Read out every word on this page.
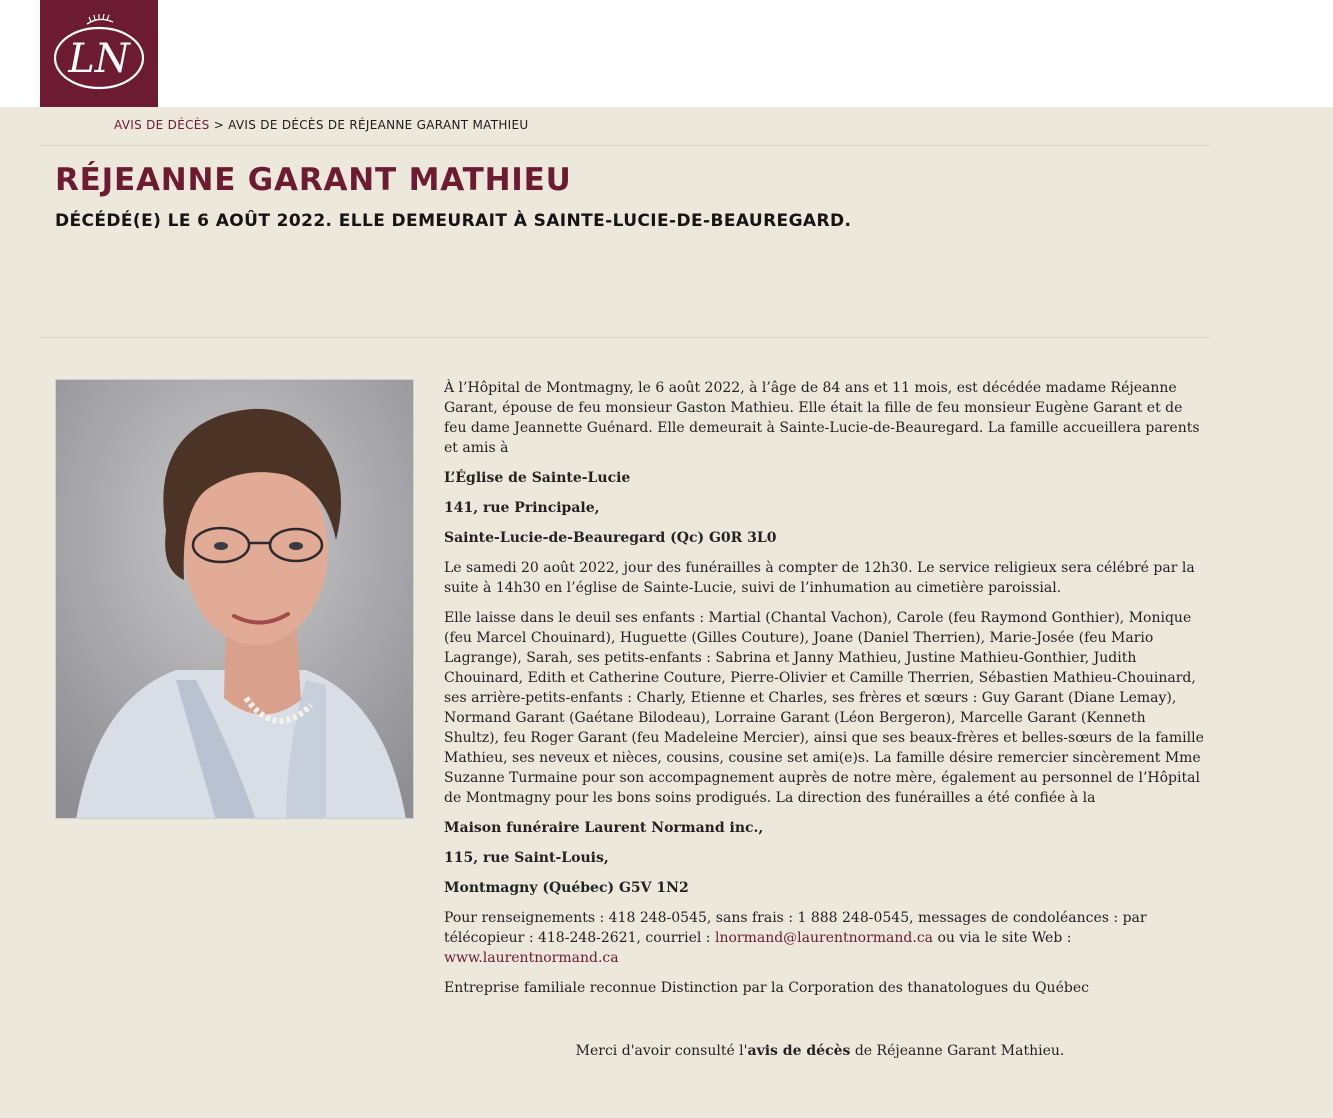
LN
AVIS DE DÉCÈS > AVIS DE DÉCÈS DE RÉJEANNE GARANT MATHIEU
RÉJEANNE GARANT MATHIEU
DÉCÉDÉ(E) LE 6 AOÛT 2022. ELLE DEMEURAIT À SAINTE-LUCIE-DE-BEAUREGARD.

À l’Hôpital de Montmagny, le 6 août 2022, à l’âge de 84 ans et 11 mois, est décédée madame Réjeanne Garant, épouse de feu monsieur Gaston Mathieu. Elle était la fille de feu monsieur Eugène Garant et de feu dame Jeannette Guénard. Elle demeurait à Sainte-Lucie-de-Beauregard. La famille accueillera parents et amis à

L’Église de Sainte-Lucie

141, rue Principale,

Sainte-Lucie-de-Beauregard (Qc) G0R 3L0

Le samedi 20 août 2022, jour des funérailles à compter de 12h30. Le service religieux sera célébré par la suite à 14h30 en l’église de Sainte-Lucie, suivi de l’inhumation au cimetière paroissial.

Elle laisse dans le deuil ses enfants : Martial (Chantal Vachon), Carole (feu Raymond Gonthier), Monique (feu Marcel Chouinard), Huguette (Gilles Couture), Joane (Daniel Therrien), Marie-Josée (feu Mario Lagrange), Sarah, ses petits-enfants : Sabrina et Janny Mathieu, Justine Mathieu-Gonthier, Judith Chouinard, Edith et Catherine Couture, Pierre-Olivier et Camille Therrien, Sébastien Mathieu-Chouinard, ses arrière-petits-enfants : Charly, Etienne et Charles, ses frères et sœurs : Guy Garant (Diane Lemay), Normand Garant (Gaétane Bilodeau), Lorraine Garant (Léon Bergeron), Marcelle Garant (Kenneth Shultz), feu Roger Garant (feu Madeleine Mercier), ainsi que ses beaux-frères et belles-sœurs de la famille Mathieu, ses neveux et nièces, cousins, cousine set ami(e)s. La famille désire remercier sincèrement Mme Suzanne Turmaine pour son accompagnement auprès de notre mère, également au personnel de l’Hôpital de Montmagny pour les bons soins prodigués. La direction des funérailles a été confiée à la

Maison funéraire Laurent Normand inc.,

115, rue Saint-Louis,

Montmagny (Québec) G5V 1N2

Pour renseignements : 418 248-0545, sans frais : 1 888 248-0545, messages de condoléances : par télécopieur : 418-248-2621, courriel : lnormand@laurentnormand.ca ou via le site Web : www.laurentnormand.ca

Entreprise familiale reconnue Distinction par la Corporation des thanatologues du Québec

Merci d'avoir consulté l'avis de décès de Réjeanne Garant Mathieu.
